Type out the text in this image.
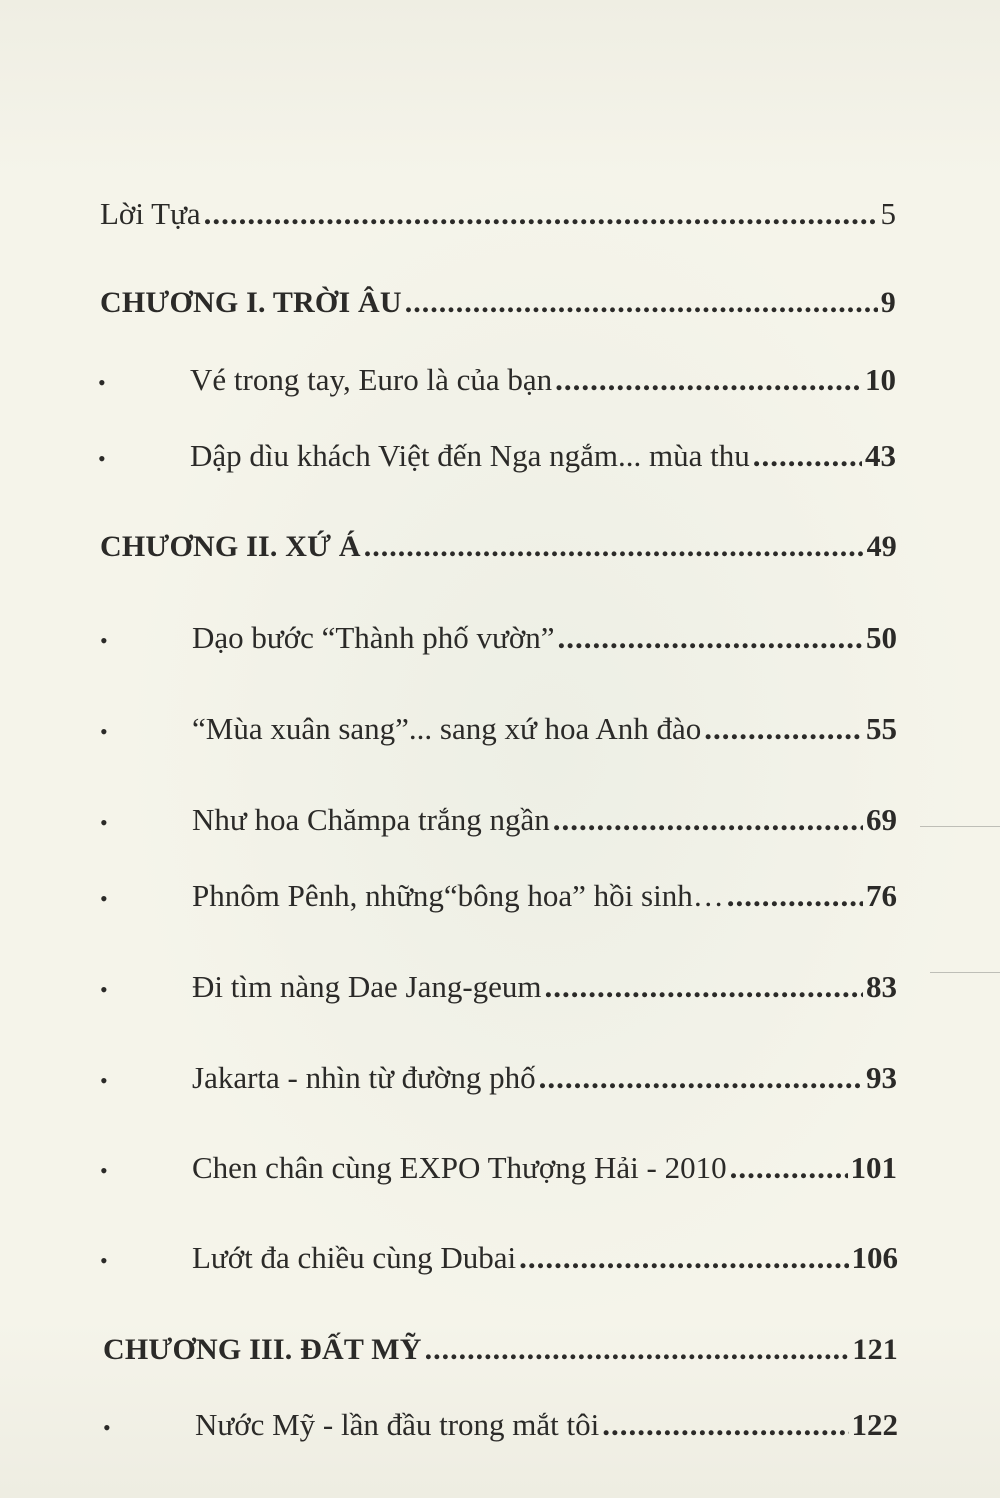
Lời Tựa .....	5
CHƯƠNG I. TRỜI ÂU .....	9
•	Vé trong tay, Euro là của bạn .....	10
•	Dập dìu khách Việt đến Nga ngắm... mùa thu .....	43
CHƯƠNG II. XỨ Á .....	49
•	Dạo bước “Thành phố vườn” .....	50
•	“Mùa xuân sang”... sang xứ hoa Anh đào .....	55
•	Như hoa Chămpa trắng ngần .....	69
•	Phnôm Pênh, những“bông hoa” hồi sinh… .....	76
•	Đi tìm nàng Dae Jang-geum .....	83
•	Jakarta - nhìn từ đường phố .....	93
•	Chen chân cùng EXPO Thượng Hải - 2010 .....	101
•	Lướt đa chiều cùng Dubai .....	106
CHƯƠNG III. ĐẤT MỸ .....	121
•	Nước Mỹ - lần đầu trong mắt tôi .....	122
